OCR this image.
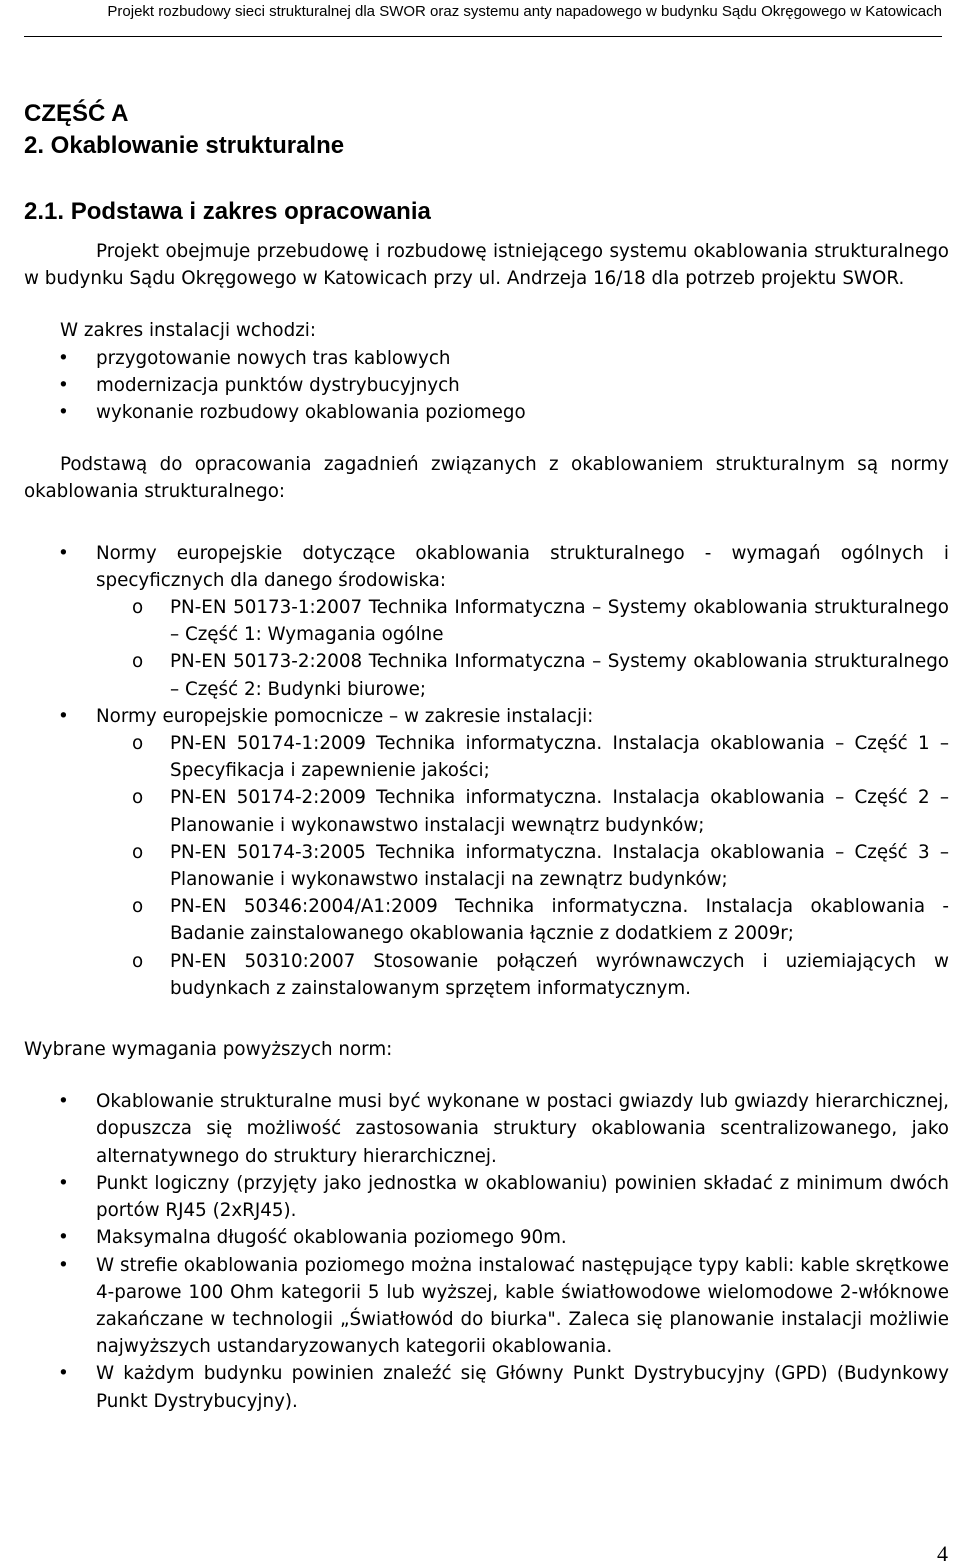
Projekt rozbudowy sieci strukturalnej dla SWOR oraz systemu anty napadowego w budynku Sądu Okręgowego w Katowicach
CZĘŚĆ A
2. Okablowanie strukturalne
2.1. Podstawa i zakres opracowania

Projekt obejmuje przebudowę i rozbudowę istniejącego systemu okablowania strukturalnego w budynku Sądu Okręgowego w Katowicach przy ul. Andrzeja 16/18 dla potrzeb projektu SWOR.

W zakres instalacji wchodzi:

• przygotowanie nowych tras kablowych
• modernizacja punktów dystrybucyjnych
• wykonanie rozbudowy okablowania poziomego

Podstawą do opracowania zagadnień związanych z okablowaniem strukturalnym są normy okablowania strukturalnego:

• Normy europejskie dotyczące okablowania strukturalnego - wymagań ogólnych i specyficznych dla danego środowiska:
o PN-EN 50173-1:2007 Technika Informatyczna – Systemy okablowania strukturalnego – Część 1: Wymagania ogólne
o PN-EN 50173-2:2008 Technika Informatyczna – Systemy okablowania strukturalnego – Część 2: Budynki biurowe;
• Normy europejskie pomocnicze – w zakresie instalacji:
o PN-EN 50174-1:2009 Technika informatyczna. Instalacja okablowania – Część 1 – Specyfikacja i zapewnienie jakości;
o PN-EN 50174-2:2009 Technika informatyczna. Instalacja okablowania – Część 2 – Planowanie i wykonawstwo instalacji wewnątrz budynków;
o PN-EN 50174-3:2005 Technika informatyczna. Instalacja okablowania – Część 3 – Planowanie i wykonawstwo instalacji na zewnątrz budynków;
o PN-EN 50346:2004/A1:2009 Technika informatyczna. Instalacja okablowania - Badanie zainstalowanego okablowania łącznie z dodatkiem z 2009r;
o PN-EN 50310:2007 Stosowanie połączeń wyrównawczych i uziemiających w budynkach z zainstalowanym sprzętem informatycznym.

Wybrane wymagania powyższych norm:

• Okablowanie strukturalne musi być wykonane w postaci gwiazdy lub gwiazdy hierarchicznej, dopuszcza się możliwość zastosowania struktury okablowania scentralizowanego, jako alternatywnego do struktury hierarchicznej.
• Punkt logiczny (przyjęty jako jednostka w okablowaniu) powinien składać z minimum dwóch portów RJ45 (2xRJ45).
• Maksymalna długość okablowania poziomego 90m.
• W strefie okablowania poziomego można instalować następujące typy kabli: kable skrętkowe 4-parowe 100 Ohm kategorii 5 lub wyższej, kable światłowodowe wielomodowe 2-włóknowe zakańczane w technologii „Światłowód do biurka". Zaleca się planowanie instalacji możliwie najwyższych ustandaryzowanych kategorii okablowania.
• W każdym budynku powinien znaleźć się Główny Punkt Dystrybucyjny (GPD) (Budynkowy Punkt Dystrybucyjny).
4
